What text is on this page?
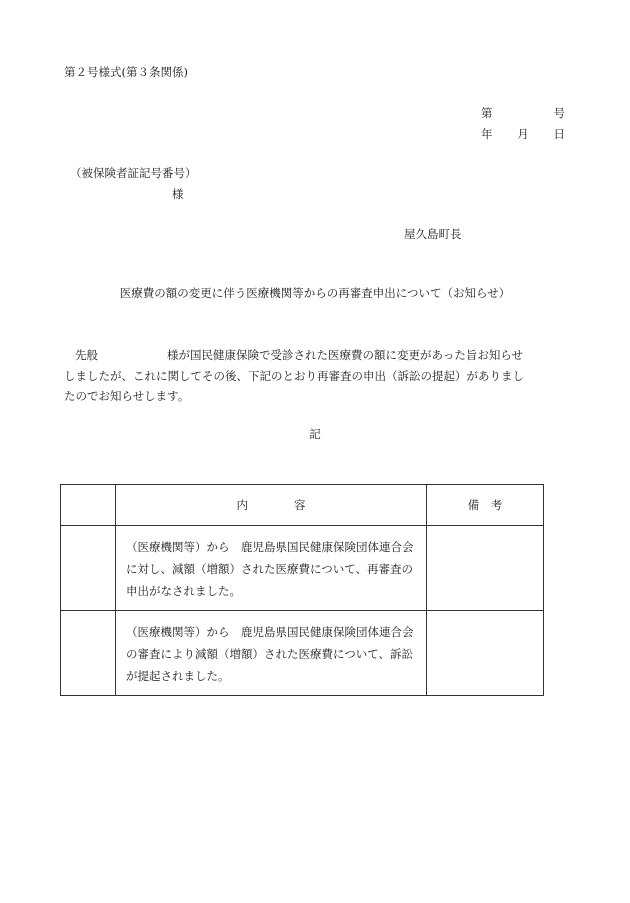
第２号様式(第３条関係)
第	号
年 月 日
（被保険者証記号番号）
様
屋久島町長
医療費の額の変更に伴う医療機関等からの再審査申出について（お知らせ）
先般　　　　　　様が国民健康保険で受診された医療費の額に変更があった旨お知らせ
しましたが、これに関してその後、下記のとおり再審査の申出（訴訟の提起）がありまし
たのでお知らせします。
記
	内　　　　容	備　考
	（医療機関等）から　鹿児島県国民健康保険団体連合会に対し、減額（増額）された医療費について、再審査の申出がなされました。	
	（医療機関等）から　鹿児島県国民健康保険団体連合会の審査により減額（増額）された医療費について、訴訟が提起されました。	
